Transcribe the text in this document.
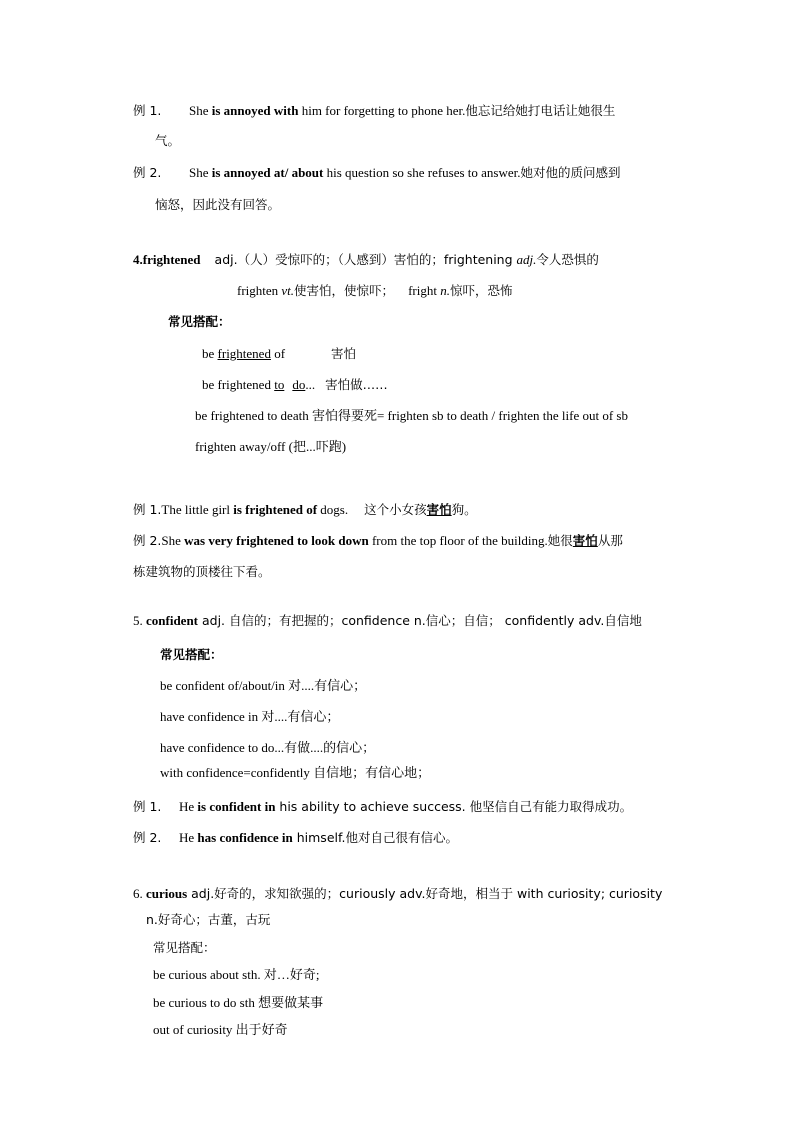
例 1. She is annoyed with him for forgetting to phone her.他忘记给她打电话让她很生
气。
例 2. She is annoyed at/ about his question so she refuses to answer.她对他的质问感到
恼怒，因此没有回答。
4.frightened adj.（人）受惊吓的；（人感到）害怕的；frightening adj.令人恐惧的
frighten vt.使害怕，使惊吓； fright n.惊吓，恐怖
常见搭配：
be frightened of	害怕
be frightened to do... 害怕做……
be frightened to death 害怕得要死= frighten sb to death / frighten the life out of sb
frighten away/off (把...吓跑)
例 1.The little girl is frightened of dogs. 这个小女孩害怕狗。
例 2.She was very frightened to look down from the top floor of the building.她很害怕从那
栋建筑物的顶楼往下看。
5. confident adj. 自信的；有把握的；confidence n.信心；自信； confidently adv.自信地
常见搭配：
be confident of/about/in 对....有信心；
have confidence in 对....有信心；
have confidence to do...有做....的信心；
with confidence=confidently 自信地；有信心地；
例 1. He is confident in his ability to achieve success. 他坚信自己有能力取得成功。
例 2. He has confidence in himself.他对自己很有信心。
6. curious adj.好奇的，求知欲强的；curiously adv.好奇地，相当于 with curiosity; curiosity
n.好奇心；古董，古玩
常见搭配：
be curious about sth. 对…好奇;
be curious to do sth 想要做某事
out of curiosity 出于好奇
